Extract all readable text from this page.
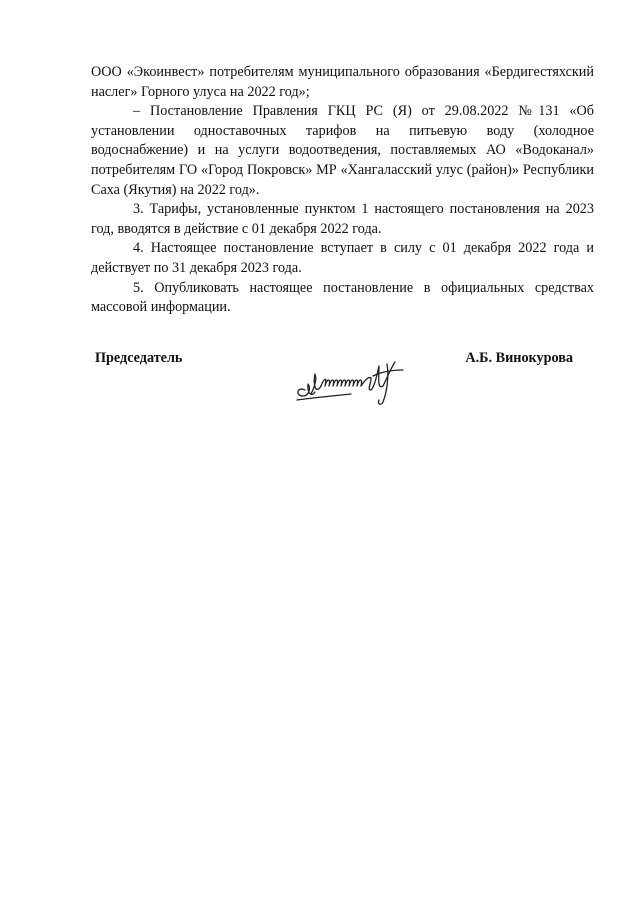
ООО «Экоинвест» потребителям муниципального образования «Бердигестяхский наслег» Горного улуса на 2022 год»;

– Постановление Правления ГКЦ РС (Я) от 29.08.2022 №131 «Об установлении одноставочных тарифов на питьевую воду (холодное водоснабжение) и на услуги водоотведения, поставляемых АО «Водоканал» потребителям ГО «Город Покровск» МР «Хангаласский улус (район)» Республики Саха (Якутия) на 2022 год».

3. Тарифы, установленные пунктом 1 настоящего постановления на 2023 год, вводятся в действие с 01 декабря 2022 года.

4. Настоящее постановление вступает в силу с 01 декабря 2022 года и действует по 31 декабря 2023 года.

5. Опубликовать настоящее постановление в официальных средствах массовой информации.

Председатель	А.Б. Винокурова
